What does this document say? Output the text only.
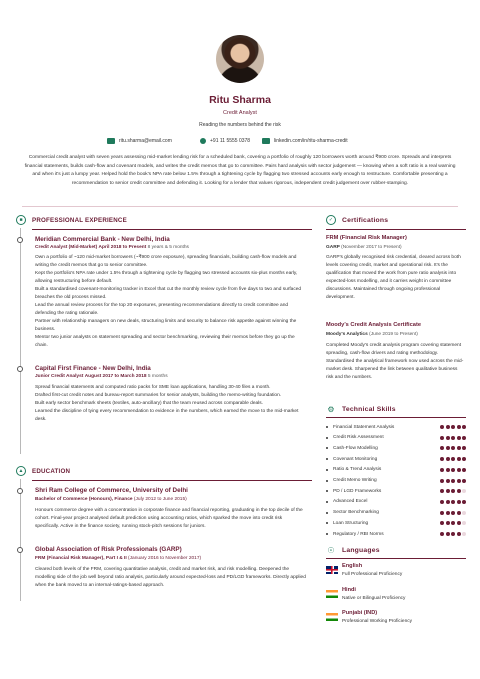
Ritu Sharma
Credit Analyst
Reading the numbers behind the risk
ritu.sharma@email.com	+91 11 5555 0378	linkedin.com/in/ritu-sharma-credit
Commercial credit analyst with seven years assessing mid-market lending risk for a scheduled bank, covering a portfolio of roughly 120 borrowers worth around ₹900 crore. Spreads and interprets financial statements, builds cash-flow and covenant models, and writes the credit memos that go to committee. Pairs hard analysis with sector judgement — knowing when a soft ratio is a real warning and when it's just a lumpy year. Helped hold the book's NPA rate below 1.5% through a tightening cycle by flagging two stressed accounts early enough to restructure. Comfortable presenting a recommendation to senior credit committee and defending it. Looking for a lender that values rigorous, independent credit judgement over rubber-stamping.
■	PROFESSIONAL EXPERIENCE
Meridian Commercial Bank - New Delhi, India
Credit Analyst (Mid-Market) April 2018 to Present 8 years & 5 months
Own a portfolio of ~120 mid-market borrowers (~₹900 crore exposure), spreading financials, building cash-flow models and writing the credit memos that go to senior committee.
Kept the portfolio's NPA rate under 1.5% through a tightening cycle by flagging two stressed accounts six-plus months early, allowing restructuring before default.
Built a standardised covenant-monitoring tracker in Excel that cut the monthly review cycle from five days to two and surfaced breaches the old process missed.
Lead the annual review process for the top 20 exposures, presenting recommendations directly to credit committee and defending the rating rationale.
Partner with relationship managers on new deals, structuring limits and security to balance risk appetite against winning the business.
Mentor two junior analysts on statement spreading and sector benchmarking, reviewing their memos before they go up the chain.
Capital First Finance - New Delhi, India
Junior Credit Analyst August 2017 to March 2018 5 months
Spread financial statements and computed ratio packs for SME loan applications, handling 30-40 files a month.
Drafted first-cut credit notes and bureau-report summaries for senior analysts, building the memo-writing foundation.
Built early sector benchmark sheets (textiles, auto-ancillary) that the team reused across comparable deals.
Learned the discipline of tying every recommendation to evidence in the numbers, which earned the move to the mid-market desk.
▲	EDUCATION
Shri Ram College of Commerce, University of Delhi
Bachelor of Commerce (Honours), Finance (July 2012 to June 2015)
Honours commerce degree with a concentration in corporate finance and financial reporting, graduating in the top decile of the cohort. Final-year project analysed default prediction using accounting ratios, which sparked the move into credit risk specifically. Active in the finance society, running stock-pitch sessions for juniors.
Global Association of Risk Professionals (GARP)
FRM (Financial Risk Manager), Part I & II (January 2016 to November 2017)
Cleared both levels of the FRM, covering quantitative analysis, credit and market risk, and risk modelling. Deepened the modelling side of the job well beyond ratio analysis, particularly around expected-loss and PD/LGD frameworks. Directly applied when the bank moved to an internal-ratings-based approach.
✓	Certifications
FRM (Financial Risk Manager)
GARP (November 2017 to Present)
GARP's globally recognised risk credential, cleared across both levels covering credit, market and operational risk. It's the qualification that moved the work from pure ratio analysis into expected-loss modelling, and it carries weight in committee discussions. Maintained through ongoing professional development.
Moody's Credit Analysis Certificate
Moody's Analytics (June 2019 to Present)
Completed Moody's credit analysis program covering statement spreading, cash-flow drivers and rating methodology. Standardised the analytical framework now used across the mid-market desk. Sharpened the link between qualitative business risk and the numbers.
⚙ Technical Skills
Financial Statement Analysis
Credit Risk Assessment
Cash-Flow Modelling
Covenant Monitoring
Ratio & Trend Analysis
Credit Memo Writing
PD / LGD Frameworks
Advanced Excel
Sector Benchmarking
Loan Structuring
Regulatory / RBI Norms
☉ Languages
English
Full Professional Proficiency
Hindi
Native or Bilingual Proficiency
Punjabi (IND)
Professional Working Proficiency
